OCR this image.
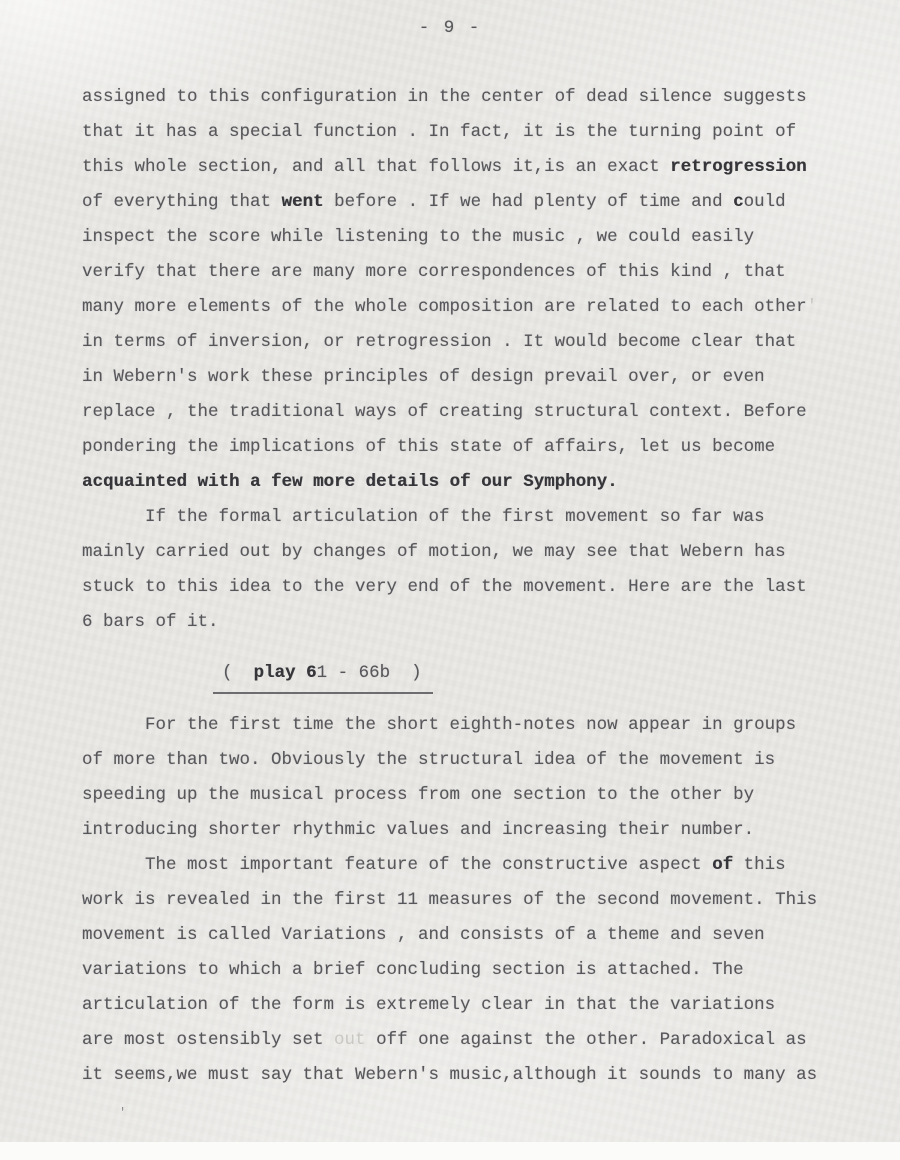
- 9 -
assigned to this configuration in the center of dead silence suggests
that it has a special function . In fact, it is the turning point of
this whole section, and all that follows it,is an exact retrogression
of everything that went before . If we had plenty of time and could
inspect the score while listening to the music , we could easily
verify that there are many more correspondences of this kind , that
many more elements of the whole composition are related to each other'
in terms of inversion, or retrogression . It would become clear that
in Webern's work these principles of design prevail over, or even
replace , the traditional ways of creating structural context. Before
pondering the implications of this state of affairs, let us become
acquainted with a few more details of our Symphony.
If the formal articulation of the first movement so far was
mainly carried out by changes of motion, we may see that Webern has
stuck to this idea to the very end of the movement. Here are the last
6 bars of it.
(  play 61 - 66b  )
For the first time the short eighth-notes now appear in groups
of more than two. Obviously the structural idea of the movement is
speeding up the musical process from one section to the other by
introducing shorter rhythmic values and increasing their number.
The most important feature of the constructive aspect of this
work is revealed in the first 11 measures of the second movement. This
movement is called Variations , and consists of a theme and seven
variations to which a brief concluding section is attached. The
articulation of the form is extremely clear in that the variations
are most ostensibly set out off one against the other. Paradoxical as
it seems,we must say that Webern's music,although it sounds to many as
'
